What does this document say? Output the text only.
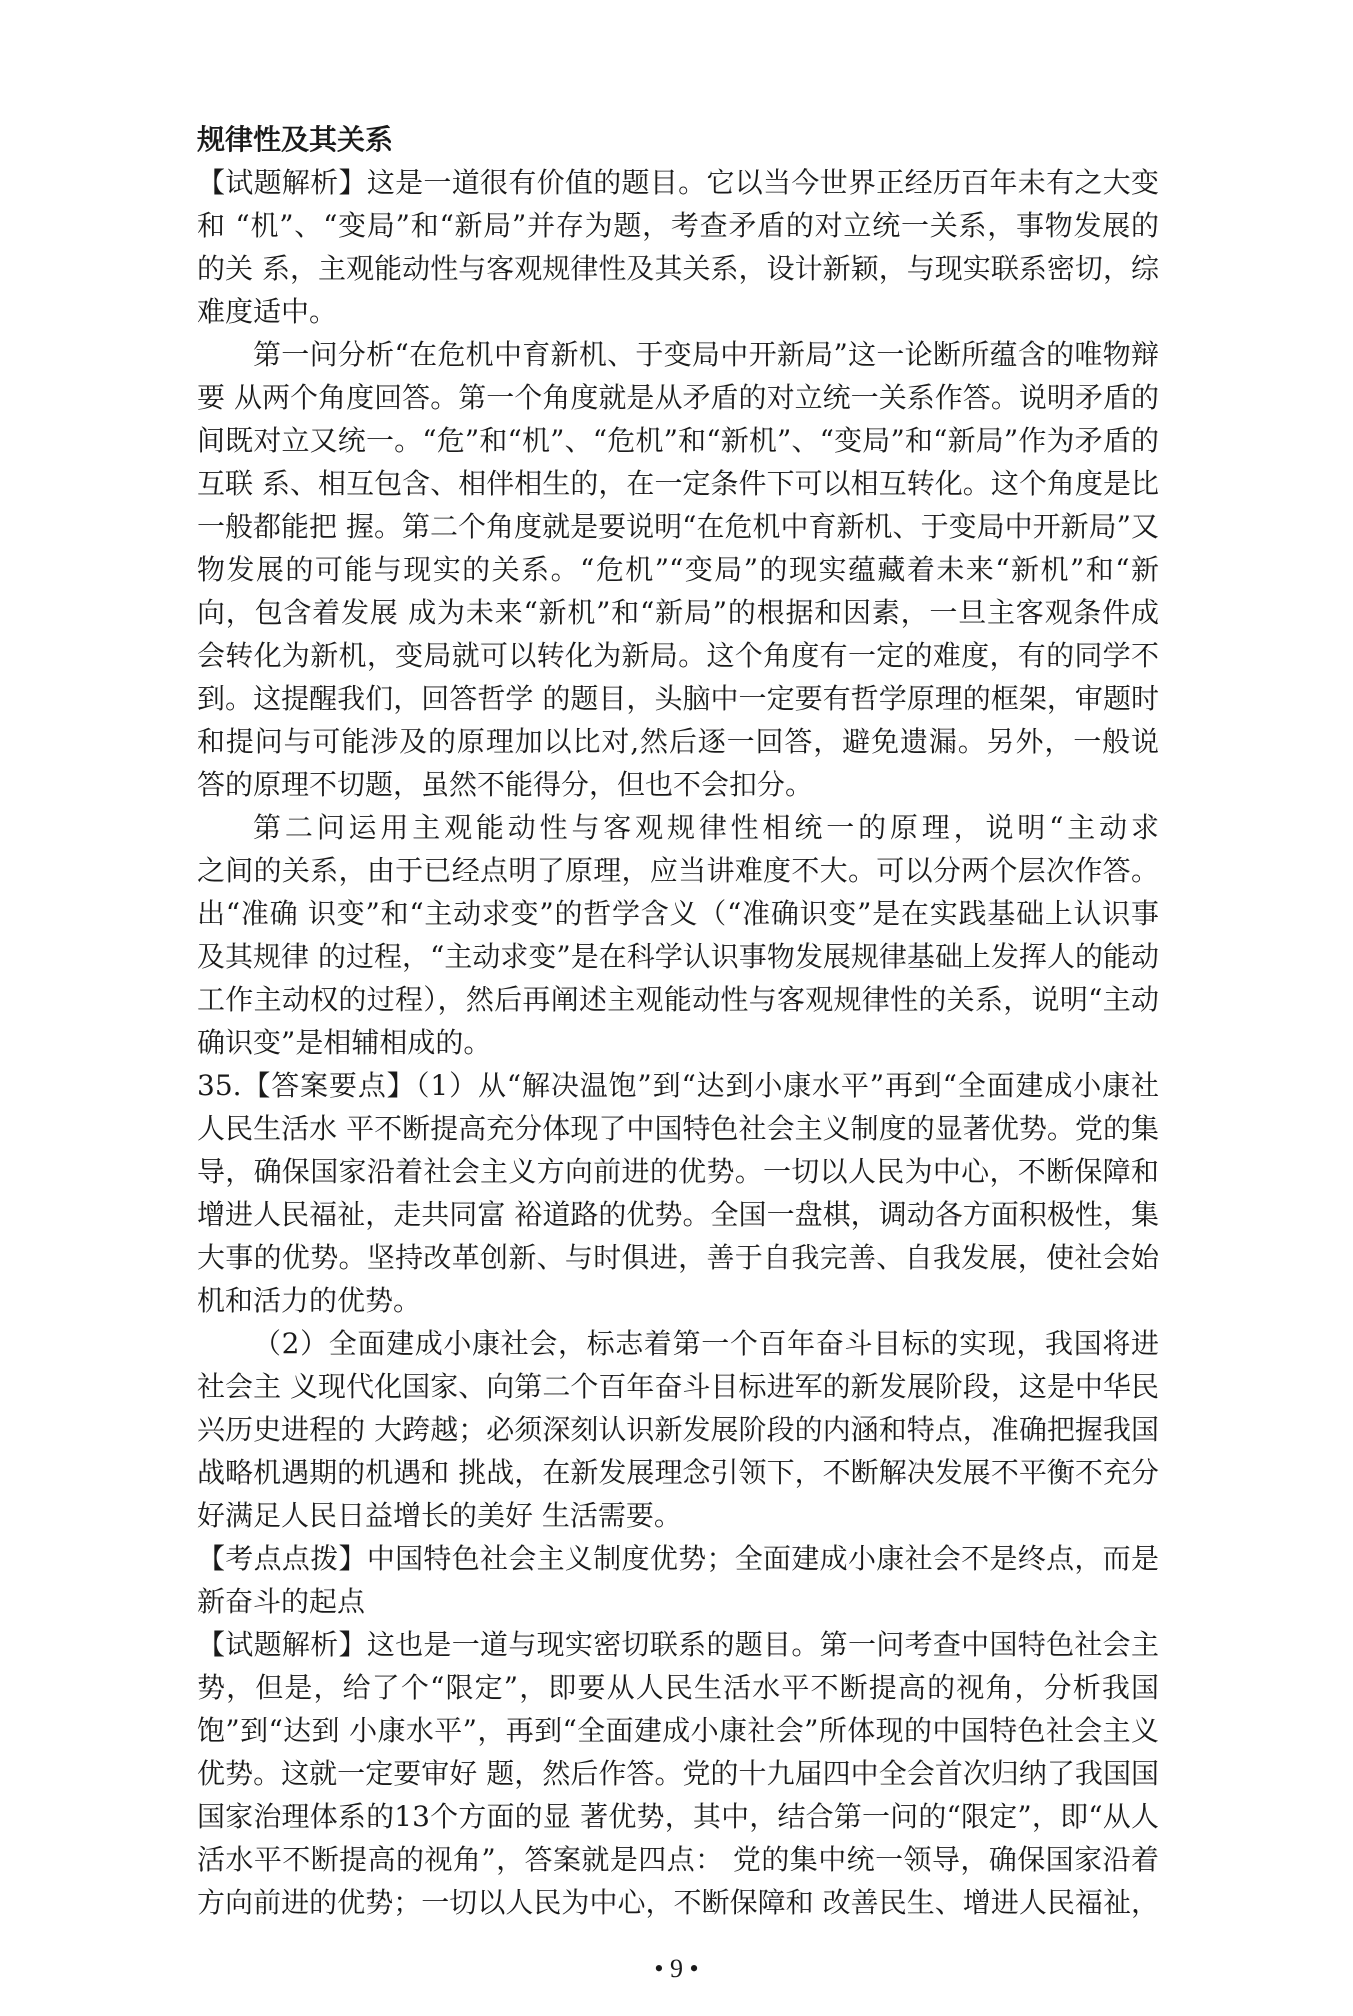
规律性及其关系
【试题解析】这是一道很有价值的题目。它以当今世界正经历百年未有之大变
和 “机”、“变局”和“新局”并存为题，考查矛盾的对立统一关系，事物发展的
的关 系，主观能动性与客观规律性及其关系，设计新颖，与现实联系密切，综
难度适中。
第一问分析“在危机中育新机、于变局中开新局”这一论断所蕴含的唯物辩
要 从两个角度回答。第一个角度就是从矛盾的对立统一关系作答。说明矛盾的
间既对立又统一。“危”和“机”、“危机”和“新机”、“变局”和“新局”作为矛盾的
互联 系、相互包含、相伴相生的，在一定条件下可以相互转化。这个角度是比
一般都能把 握。第二个角度就是要说明“在危机中育新机、于变局中开新局”又
物发展的可能与现实的关系。“危机”“变局”的现实蕴藏着未来“新机”和“新
向，包含着发展 成为未来“新机”和“新局”的根据和因素，一旦主客观条件成
会转化为新机，变局就可以转化为新局。这个角度有一定的难度，有的同学不
到。这提醒我们，回答哲学 的题目，头脑中一定要有哲学原理的框架，审题时
和提问与可能涉及的原理加以比对,然后逐一回答，避免遗漏。另外，一般说
答的原理不切题，虽然不能得分，但也不会扣分。
第二问运用主观能动性与客观规律性相统一的原理，说明“主动求
之间的关系，由于已经点明了原理，应当讲难度不大。可以分两个层次作答。
出“准确 识变”和“主动求变”的哲学含义（“准确识变”是在实践基础上认识事
及其规律 的过程，“主动求变”是在科学认识事物发展规律基础上发挥人的能动
工作主动权的过程），然后再阐述主观能动性与客观规律性的关系，说明“主动
确识变”是相辅相成的。
35.【答案要点】（1）从“解决温饱”到“达到小康水平”再到“全面建成小康社
人民生活水 平不断提高充分体现了中国特色社会主义制度的显著优势。党的集
导，确保国家沿着社会主义方向前进的优势。一切以人民为中心，不断保障和
增进人民福祉，走共同富 裕道路的优势。全国一盘棋，调动各方面积极性，集
大事的优势。坚持改革创新、与时俱进，善于自我完善、自我发展，使社会始
机和活力的优势。
（2）全面建成小康社会，标志着第一个百年奋斗目标的实现，我国将进
社会主 义现代化国家、向第二个百年奋斗目标进军的新发展阶段，这是中华民
兴历史进程的 大跨越；必须深刻认识新发展阶段的内涵和特点，准确把握我国
战略机遇期的机遇和 挑战，在新发展理念引领下，不断解决发展不平衡不充分
好满足人民日益增长的美好 生活需要。
【考点点拨】中国特色社会主义制度优势；全面建成小康社会不是终点，而是
新奋斗的起点
【试题解析】这也是一道与现实密切联系的题目。第一问考查中国特色社会主
势，但是，给了个“限定”，即要从人民生活水平不断提高的视角，分析我国
饱”到“达到 小康水平”，再到“全面建成小康社会”所体现的中国特色社会主义
优势。这就一定要审好 题，然后作答。党的十九届四中全会首次归纳了我国国
国家治理体系的13个方面的显 著优势，其中，结合第一问的“限定”，即“从人
活水平不断提高的视角”，答案就是四点： 党的集中统一领导，确保国家沿着
方向前进的优势；一切以人民为中心，不断保障和 改善民生、增进人民福祉，
• 9 •
